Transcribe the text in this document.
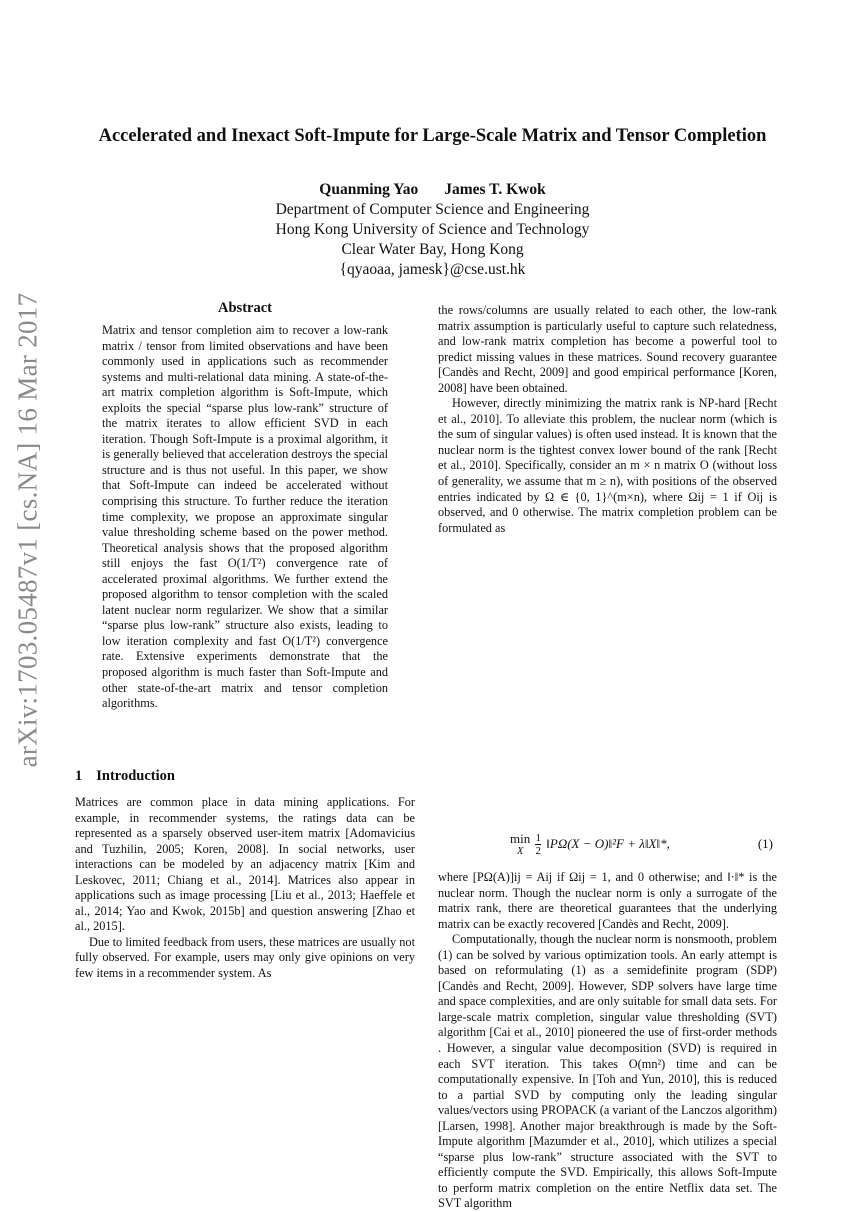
arXiv:1703.05487v1 [cs.NA] 16 Mar 2017
Accelerated and Inexact Soft-Impute for Large-Scale Matrix and Tensor Completion
Quanming Yao James T. Kwok
Department of Computer Science and Engineering
Hong Kong University of Science and Technology
Clear Water Bay, Hong Kong
{qyaoaa, jamesk}@cse.ust.hk
Abstract

Matrix and tensor completion aim to recover a low-rank matrix / tensor from limited observations and have been commonly used in applications such as recommender systems and multi-relational data mining. A state-of-the-art matrix completion algorithm is Soft-Impute, which exploits the special “sparse plus low-rank” structure of the matrix iterates to allow efficient SVD in each iteration. Though Soft-Impute is a proximal algorithm, it is generally believed that acceleration destroys the special structure and is thus not useful. In this paper, we show that Soft-Impute can indeed be accelerated without comprising this structure. To further reduce the iteration time complexity, we propose an approximate singular value thresholding scheme based on the power method. Theoretical analysis shows that the proposed algorithm still enjoys the fast O(1/T²) convergence rate of accelerated proximal algorithms. We further extend the proposed algorithm to tensor completion with the scaled latent nuclear norm regularizer. We show that a similar “sparse plus low-rank” structure also exists, leading to low iteration complexity and fast O(1/T²) convergence rate. Extensive experiments demonstrate that the proposed algorithm is much faster than Soft-Impute and other state-of-the-art matrix and tensor completion algorithms.

1 Introduction

Matrices are common place in data mining applications. For example, in recommender systems, the ratings data can be represented as a sparsely observed user-item matrix [Adomavicius and Tuzhilin, 2005; Koren, 2008]. In social networks, user interactions can be modeled by an adjacency matrix [Kim and Leskovec, 2011; Chiang et al., 2014]. Matrices also appear in applications such as image processing [Liu et al., 2013; Haeffele et al., 2014; Yao and Kwok, 2015b] and question answering [Zhao et al., 2015].

Due to limited feedback from users, these matrices are usually not fully observed. For example, users may only give opinions on very few items in a recommender system. As

the rows/columns are usually related to each other, the low-rank matrix assumption is particularly useful to capture such relatedness, and low-rank matrix completion has become a powerful tool to predict missing values in these matrices. Sound recovery guarantee [Candès and Recht, 2009] and good empirical performance [Koren, 2008] have been obtained.

However, directly minimizing the matrix rank is NP-hard [Recht et al., 2010]. To alleviate this problem, the nuclear norm (which is the sum of singular values) is often used instead. It is known that the nuclear norm is the tightest convex lower bound of the rank [Recht et al., 2010]. Specifically, consider an m × n matrix O (without loss of generality, we assume that m ≥ n), with positions of the observed entries indicated by Ω ∈ {0, 1}^(m×n), where Ωij = 1 if Oij is observed, and 0 otherwise. The matrix completion problem can be formulated as

min
X	$\frac{1}{2}$ ‖PΩ(X − O)‖²F + λ‖X‖*,	(1)

where [PΩ(A)]ij = Aij if Ωij = 1, and 0 otherwise; and ‖·‖* is the nuclear norm. Though the nuclear norm is only a surrogate of the matrix rank, there are theoretical guarantees that the underlying matrix can be exactly recovered [Candès and Recht, 2009].

Computationally, though the nuclear norm is nonsmooth, problem (1) can be solved by various optimization tools. An early attempt is based on reformulating (1) as a semidefinite program (SDP) [Candès and Recht, 2009]. However, SDP solvers have large time and space complexities, and are only suitable for small data sets. For large-scale matrix completion, singular value thresholding (SVT) algorithm [Cai et al., 2010] pioneered the use of first-order methods . However, a singular value decomposition (SVD) is required in each SVT iteration. This takes O(mn²) time and can be computationally expensive. In [Toh and Yun, 2010], this is reduced to a partial SVD by computing only the leading singular values/vectors using PROPACK (a variant of the Lanczos algorithm) [Larsen, 1998]. Another major breakthrough is made by the Soft-Impute algorithm [Mazumder et al., 2010], which utilizes a special “sparse plus low-rank” structure associated with the SVT to efficiently compute the SVD. Empirically, this allows Soft-Impute to perform matrix completion on the entire Netflix data set. The SVT algorithm
